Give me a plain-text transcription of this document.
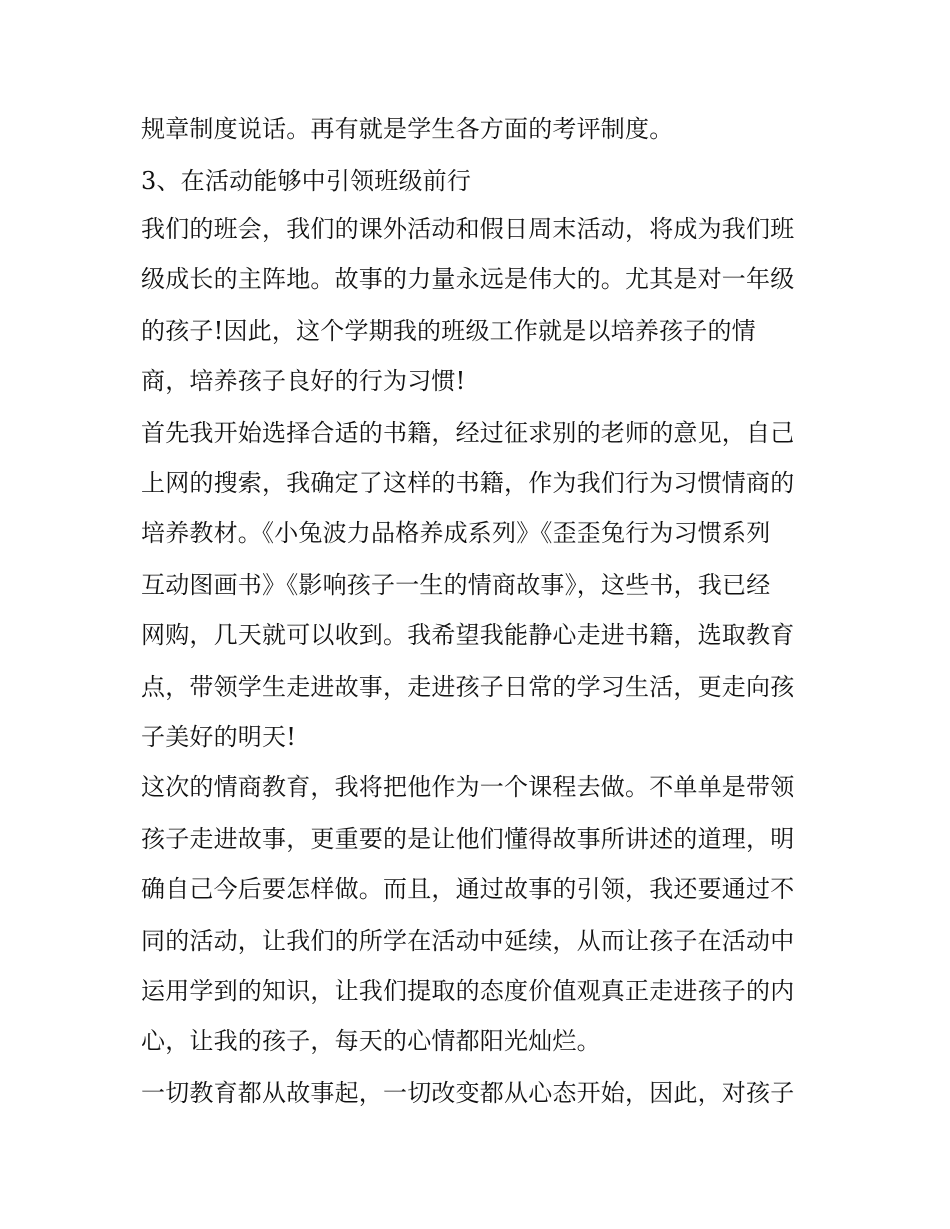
规章制度说话。再有就是学生各方面的考评制度。
3、在活动能够中引领班级前行
我们的班会，我们的课外活动和假日周末活动，将成为我们班
级成长的主阵地。故事的力量永远是伟大的。尤其是对一年级
的孩子!因此，这个学期我的班级工作就是以培养孩子的情
商，培养孩子良好的行为习惯!
首先我开始选择合适的书籍，经过征求别的老师的意见，自己
上网的搜索，我确定了这样的书籍，作为我们行为习惯情商的
培养教材。《小兔波力品格养成系列》《歪歪兔行为习惯系列
互动图画书》《影响孩子一生的情商故事》，这些书，我已经
网购，几天就可以收到。我希望我能静心走进书籍，选取教育
点，带领学生走进故事，走进孩子日常的学习生活，更走向孩
子美好的明天!
这次的情商教育，我将把他作为一个课程去做。不单单是带领
孩子走进故事，更重要的是让他们懂得故事所讲述的道理，明
确自己今后要怎样做。而且，通过故事的引领，我还要通过不
同的活动，让我们的所学在活动中延续，从而让孩子在活动中
运用学到的知识，让我们提取的态度价值观真正走进孩子的内
心，让我的孩子，每天的心情都阳光灿烂。
一切教育都从故事起，一切改变都从心态开始，因此，对孩子
